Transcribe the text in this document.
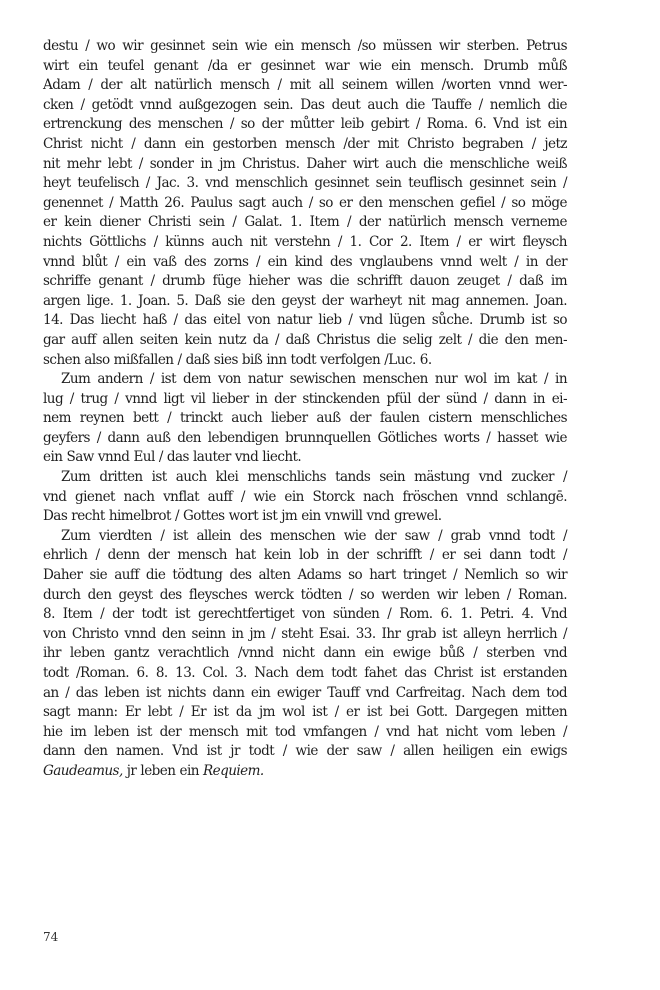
destu / wo wir gesinnet sein wie ein mensch /so müssen wir sterben. Petrus
wirt ein teufel genant /da er gesinnet war wie ein mensch. Drumb můß
Adam / der alt natürlich mensch / mit all seinem willen /worten vnnd wer-
cken / getödt vnnd außgezogen sein. Das deut auch die Tauffe / nemlich die
ertrenckung des menschen / so der můtter leib gebirt / Roma. 6. Vnd ist ein
Christ nicht / dann ein gestorben mensch /der mit Christo begraben / jetz
nit mehr lebt / sonder in jm Christus. Daher wirt auch die menschliche weiß
heyt teufelisch / Jac. 3. vnd menschlich gesinnet sein teuflisch gesinnet sein /
genennet / Matth 26. Paulus sagt auch / so er den menschen gefiel / so möge
er kein diener Christi sein / Galat. 1. Item / der natürlich mensch verneme
nichts Göttlichs / künns auch nit verstehn / 1. Cor 2. Item / er wirt fleysch
vnnd blůt / ein vaß des zorns / ein kind des vnglaubens vnnd welt / in der
schriffe genant / drumb füge hieher was die schrifft dauon zeuget / daß im
argen lige. 1. Joan. 5. Daß sie den geyst der warheyt nit mag annemen. Joan.
14. Das liecht haß / das eitel von natur lieb / vnd lügen sůche. Drumb ist so
gar auff allen seiten kein nutz da / daß Christus die selig zelt / die den men-
schen also mißfallen / daß sies biß inn todt verfolgen /Luc. 6.
Zum andern / ist dem von natur sewischen menschen nur wol im kat / in
lug / trug / vnnd ligt vil lieber in der stinckenden pfül der sünd / dann in ei-
nem reynen bett / trinckt auch lieber auß der faulen cistern menschliches
geyfers / dann auß den lebendigen brunnquellen Götliches worts / hasset wie
ein Saw vnnd Eul / das lauter vnd liecht.
Zum dritten ist auch klei menschlichs tands sein mästung vnd zucker /
vnd gienet nach vnflat auff / wie ein Storck nach fröschen vnnd schlangē.
Das recht himelbrot / Gottes wort ist jm ein vnwill vnd grewel.
Zum vierdten / ist allein des menschen wie der saw / grab vnnd todt /
ehrlich / denn der mensch hat kein lob in der schrifft / er sei dann todt /
Daher sie auff die tödtung des alten Adams so hart tringet / Nemlich so wir
durch den geyst des fleysches werck tödten / so werden wir leben / Roman.
8. Item / der todt ist gerechtfertiget von sünden / Rom. 6. 1. Petri. 4. Vnd
von Christo vnnd den seinn in jm / steht Esai. 33. Ihr grab ist alleyn herrlich /
ihr leben gantz verachtlich /vnnd nicht dann ein ewige bůß / sterben vnd
todt /Roman. 6. 8. 13. Col. 3. Nach dem todt fahet das Christ ist erstanden
an / das leben ist nichts dann ein ewiger Tauff vnd Carfreitag. Nach dem tod
sagt mann: Er lebt / Er ist da jm wol ist / er ist bei Gott. Dargegen mitten
hie im leben ist der mensch mit tod vmfangen / vnd hat nicht vom leben /
dann den namen. Vnd ist jr todt / wie der saw / allen heiligen ein ewigs
Gaudeamus, jr leben ein Requiem.
74
